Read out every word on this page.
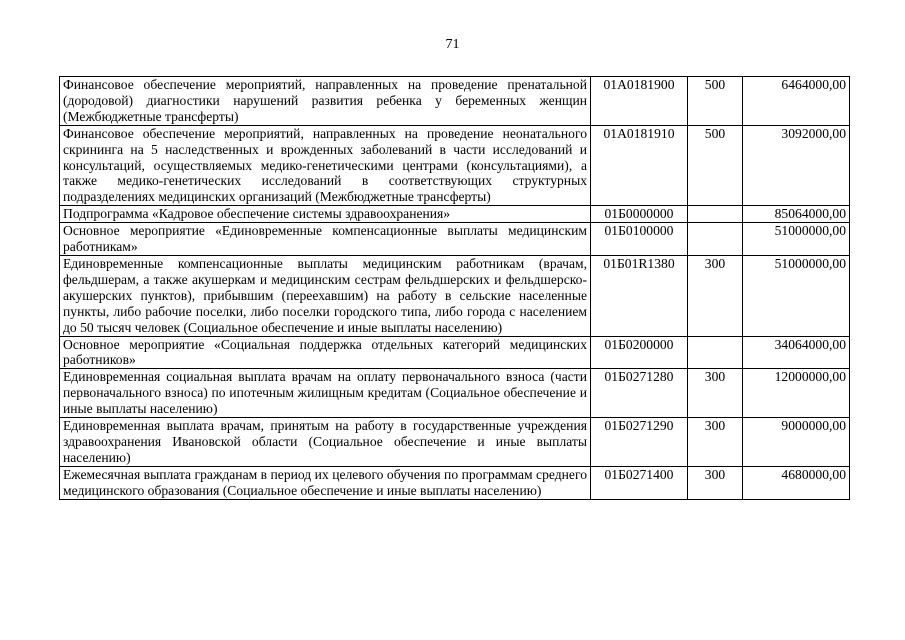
71
Финансовое обеспечение мероприятий, направленных на проведение пренатальной (дородовой) диагностики нарушений развития ребенка у беременных женщин (Межбюджетные трансферты)	01А0181900	500	6464000,00
Финансовое обеспечение мероприятий, направленных на проведение неонатального скрининга на 5 наследственных и врожденных заболеваний в части исследований и консультаций, осуществляемых медико-генетическими центрами (консультациями), а также медико-генетических исследований в соответствующих структурных подразделениях медицинских организаций (Межбюджетные трансферты)	01А0181910	500	3092000,00
Подпрограмма «Кадровое обеспечение системы здравоохранения»	01Б0000000		85064000,00
Основное мероприятие «Единовременные компенсационные выплаты медицинским работникам»	01Б0100000		51000000,00
Единовременные компенсационные выплаты медицинским работникам (врачам, фельдшерам, а также акушеркам и медицинским сестрам фельдшерских и фельдшерско-акушерских пунктов), прибывшим (переехавшим) на работу в сельские населенные пункты, либо рабочие поселки, либо поселки городского типа, либо города с населением до 50 тысяч человек (Социальное обеспечение и иные выплаты населению)	01Б01R1380	300	51000000,00
Основное мероприятие «Социальная поддержка отдельных категорий медицинских работников»	01Б0200000		34064000,00
Единовременная социальная выплата врачам на оплату первоначального взноса (части первоначального взноса) по ипотечным жилищным кредитам (Социальное обеспечение и иные выплаты населению)	01Б0271280	300	12000000,00
Единовременная выплата врачам, принятым на работу в государственные учреждения здравоохранения Ивановской области (Социальное обеспечение и иные выплаты населению)	01Б0271290	300	9000000,00
Ежемесячная выплата гражданам в период их целевого обучения по программам среднего медицинского образования (Социальное обеспечение и иные выплаты населению)	01Б0271400	300	4680000,00
